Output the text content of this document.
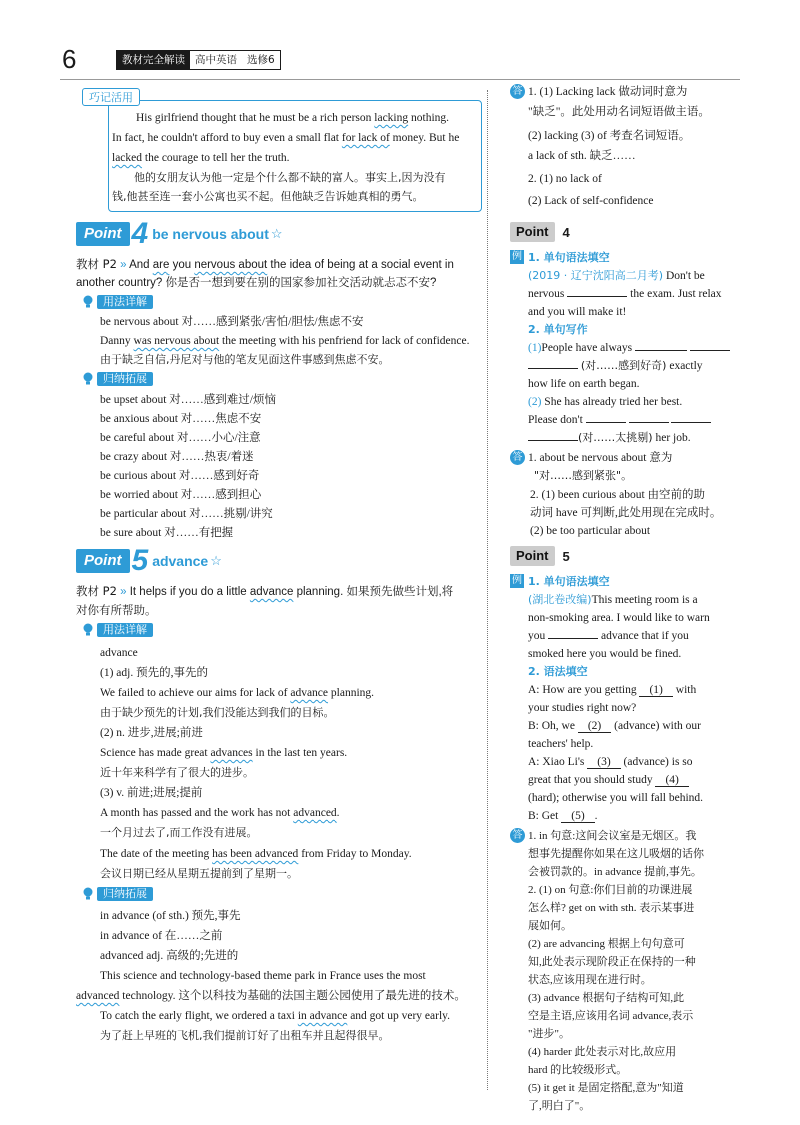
6	教材完全解读 高中英语 选修6
巧记活用
His girlfriend thought that he must be a rich person lacking nothing.
In fact, he couldn't afford to buy even a small flat for lack of money. But he
lacked the courage to tell her the truth.
他的女朋友认为他一定是个什么都不缺的富人。事实上,因为没有
钱,他甚至连一套小公寓也买不起。但他缺乏告诉她真相的勇气。
Point 4 be nervous about ☆
教材 P2 » And are you nervous about the idea of being at a social event in
another country? 你是否一想到要在别的国家参加社交活动就忐忑不安?
用法详解
be nervous about 对……感到紧张/害怕/胆怯/焦虑不安
Danny was nervous about the meeting with his penfriend for lack of confidence.
由于缺乏自信,丹尼对与他的笔友见面这件事感到焦虑不安。
归纳拓展
be upset about 对……感到难过/烦恼
be anxious about 对……焦虑不安
be careful about 对……小心/注意
be crazy about 对……热衷/着迷
be curious about 对……感到好奇
be worried about 对……感到担心
be particular about 对……挑剔/讲究
be sure about 对……有把握
Point 5 advance ☆
教材 P2 » It helps if you do a little advance planning. 如果预先做些计划,将
对你有所帮助。
用法详解
advance
(1) adj. 预先的,事先的
We failed to achieve our aims for lack of advance planning.
由于缺少预先的计划,我们没能达到我们的目标。
(2) n. 进步,进展;前进
Science has made great advances in the last ten years.
近十年来科学有了很大的进步。
(3) v. 前进;进展;提前
A month has passed and the work has not advanced.
一个月过去了,而工作没有进展。
The date of the meeting has been advanced from Friday to Monday.
会议日期已经从星期五提前到了星期一。
归纳拓展
in advance (of sth.) 预先,事先
in advance of 在……之前
advanced adj. 高级的;先进的
This science and technology-based theme park in France uses the most
advanced technology. 这个以科技为基础的法国主题公园使用了最先进的技术。
To catch the early flight, we ordered a taxi in advance and got up very early.
为了赶上早班的飞机,我们提前订好了出租车并且起得很早。
答 1. (1) Lacking lack 做动词时意为
"缺乏"。此处用动名词短语做主语。
(2) lacking (3) of 考查名词短语。
a lack of sth. 缺乏……
2. (1) no lack of
(2) Lack of self-confidence
Point	4
例 1. 单句语法填空
(2019 · 辽宁沈阳高二月考) Don't be
nervous	the exam. Just relax
and you will make it!
2. 单句写作
(1)People have always
(对……感到好奇) exactly
how life on earth began.
(2) She has already tried her best.
Please don't
(对……太挑剔) her job.
答 1. about be nervous about 意为
"对……感到紧张"。
2. (1) been curious about 由空前的助
动词 have 可判断,此处用现在完成时。
(2) be too particular about
Point	5
例 1. 单句语法填空
(湖北卷改编)This meeting room is a
non-smoking area. I would like to warn
you	advance that if you
smoked here you would be fined.
2. 语法填空
A: How are you getting (1) with
your studies right now?
B: Oh, we (2) (advance) with our
teachers' help.
A: Xiao Li's (3) (advance) is so
great that you should study (4)
(hard); otherwise you will fall behind.
B: Get (5) .
答 1. in 句意:这间会议室是无烟区。我
想事先提醒你如果在这儿吸烟的话你
会被罚款的。in advance 提前,事先。
2. (1) on 句意:你们目前的功课进展
怎么样? get on with sth. 表示某事进
展如何。
(2) are advancing 根据上句句意可
知,此处表示现阶段正在保持的一种
状态,应该用现在进行时。
(3) advance 根据句子结构可知,此
空是主语,应该用名词 advance,表示
"进步"。
(4) harder 此处表示对比,故应用
hard 的比较级形式。
(5) it get it 是固定搭配,意为"知道
了,明白了"。
